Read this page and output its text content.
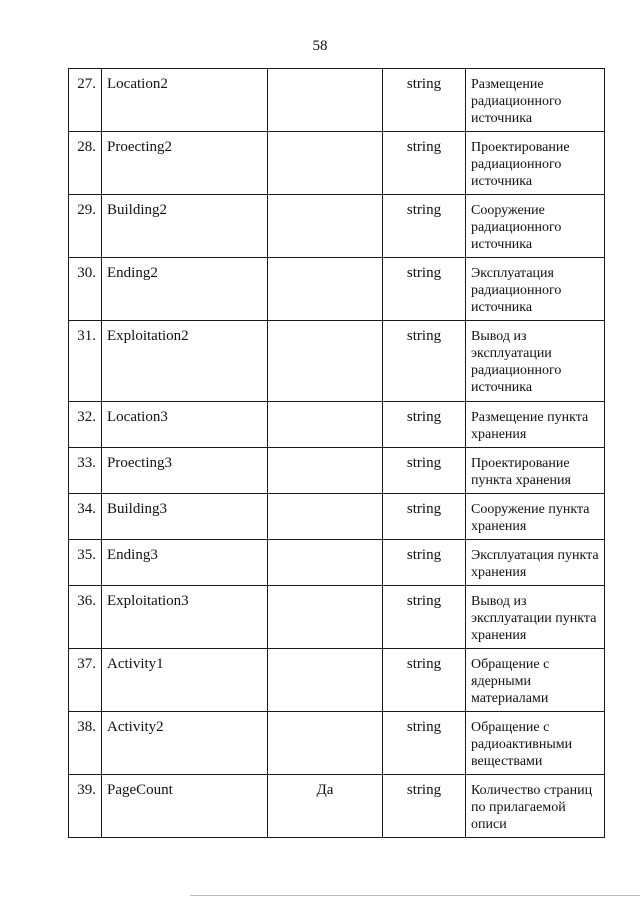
58
27.	Location2		string	Размещение радиационного источника
28.	Proecting2		string	Проектирование радиационного источника
29.	Building2		string	Сооружение радиационного источника
30.	Ending2		string	Эксплуатация радиационного источника
31.	Exploitation2		string	Вывод из эксплуатации радиационного источника
32.	Location3		string	Размещение пункта хранения
33.	Proecting3		string	Проектирование пункта хранения
34.	Building3		string	Сооружение пункта хранения
35.	Ending3		string	Эксплуатация пункта хранения
36.	Exploitation3		string	Вывод из эксплуатации пункта хранения
37.	Activity1		string	Обращение с ядерными материалами
38.	Activity2		string	Обращение с радиоактивными веществами
39.	PageCount	Да	string	Количество страниц по прилагаемой описи
